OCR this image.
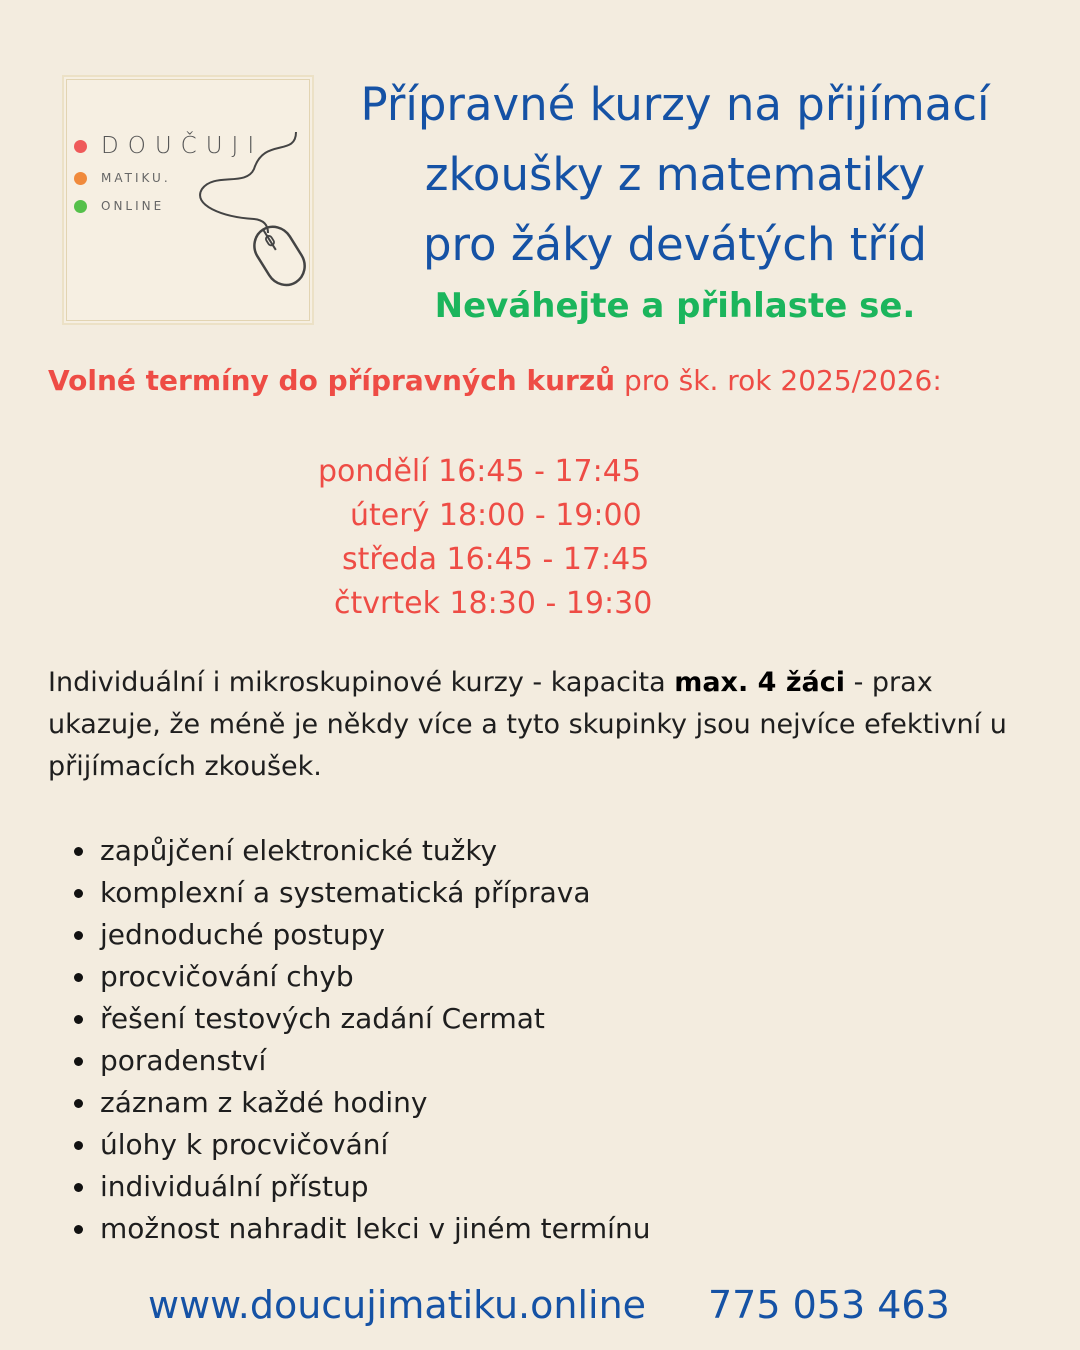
DOUČUJI
MATIKU.
ONLINE
Přípravné kurzy na přijímací
zkoušky z matematiky
pro žáky devátých tříd

Neváhejte a přihlaste se.

Volné termíny do přípravných kurzů pro šk. rok 2025/2026:

pondělí 16:45 - 17:45
úterý 18:00 - 19:00
středa 16:45 - 17:45
čtvrtek 18:30 - 19:30

Individuální i mikroskupinové kurzy - kapacita max. 4 žáci - prax ukazuje, že méně je někdy více a tyto skupinky jsou nejvíce efektivní u přijímacích zkoušek.

zapůjčení elektronické tužky
komplexní a systematická příprava
jednoduché postupy
procvičování chyb
řešení testových zadání Cermat
poradenství
záznam z každé hodiny
úlohy k procvičování
individuální přístup
možnost nahradit lekci v jiném termínu
www.doucujimatiku.online 775 053 463
